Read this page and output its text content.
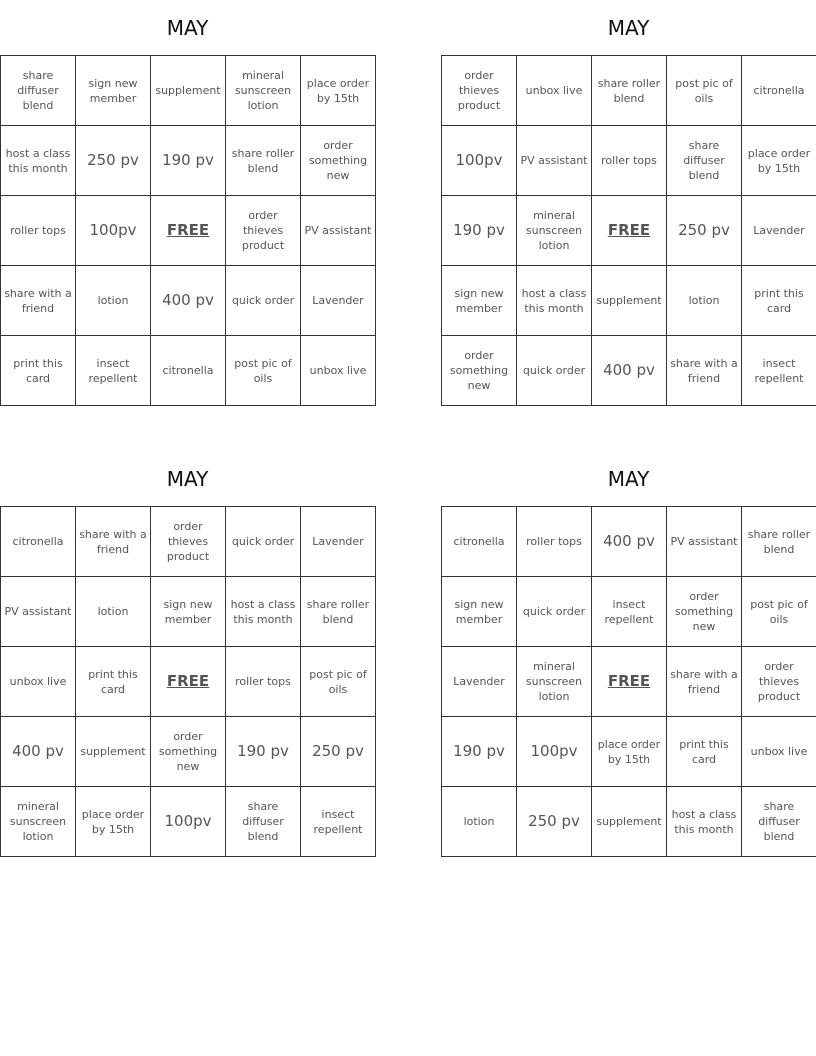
MAY
share diffuser blend	sign new member	supplement	mineral sunscreen lotion	place order by 15th
host a class this month	250 pv	190 pv	share roller blend	order something new
roller tops	100pv	FREE	order thieves product	PV assistant
share with a friend	lotion	400 pv	quick order	Lavender
print this card	insect repellent	citronella	post pic of oils	unbox live
MAY
order thieves product	unbox live	share roller blend	post pic of oils	citronella
100pv	PV assistant	roller tops	share diffuser blend	place order by 15th
190 pv	mineral sunscreen lotion	FREE	250 pv	Lavender
sign new member	host a class this month	supplement	lotion	print this card
order something new	quick order	400 pv	share with a friend	insect repellent
MAY
citronella	share with a friend	order thieves product	quick order	Lavender
PV assistant	lotion	sign new member	host a class this month	share roller blend
unbox live	print this card	FREE	roller tops	post pic of oils
400 pv	supplement	order something new	190 pv	250 pv
mineral sunscreen lotion	place order by 15th	100pv	share diffuser blend	insect repellent
MAY
citronella	roller tops	400 pv	PV assistant	share roller blend
sign new member	quick order	insect repellent	order something new	post pic of oils
Lavender	mineral sunscreen lotion	FREE	share with a friend	order thieves product
190 pv	100pv	place order by 15th	print this card	unbox live
lotion	250 pv	supplement	host a class this month	share diffuser blend
